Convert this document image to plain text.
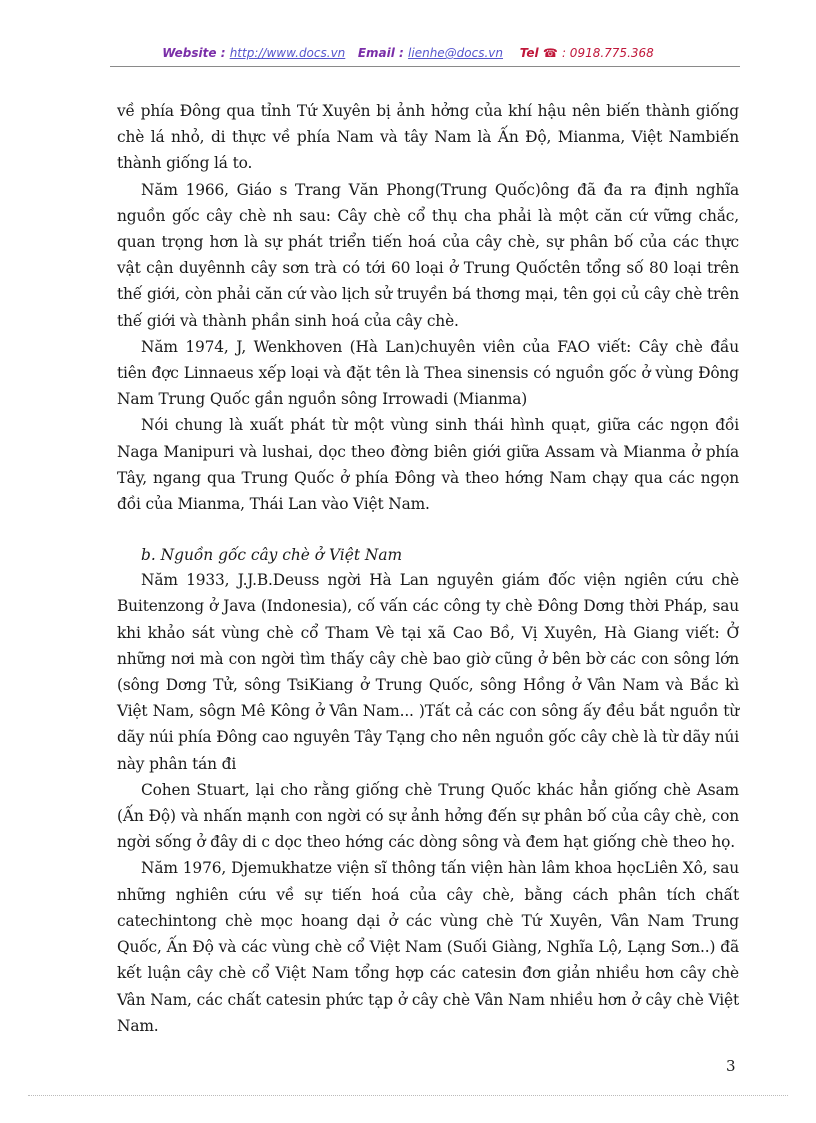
Website : http://www.docs.vn Email : lienhe@docs.vn Tel ☎ : 0918.775.368

về phía Đông qua tỉnh Tứ Xuyên bị ảnh hởng của khí hậu nên biến thành giống chè lá nhỏ, di thực về phía Nam và tây Nam là Ấn Độ, Mianma, Việt Nambiến thành giống lá to.

Năm 1966, Giáo s Trang Văn Phong(Trung Quốc)ông đã đa ra định nghĩa nguồn gốc cây chè nh sau: Cây chè cổ thụ cha phải là một căn cứ vững chắc, quan trọng hơn là sự phát triển tiến hoá của cây chè, sự phân bố của các thực vật cận duyênnh cây sơn trà có tới 60 loại ở Trung Quốctên tổng số 80 loại trên thế giới, còn phải căn cứ vào lịch sử truyền bá thơng mại, tên gọi củ cây chè trên thế giới và thành phần sinh hoá của cây chè.

Năm 1974, J, Wenkhoven (Hà Lan)chuyên viên của FAO viết: Cây chè đầu tiên đợc Linnaeus xếp loại và đặt tên là Thea sinensis có nguồn gốc ở vùng Đông Nam Trung Quốc gần nguồn sông Irrowadi (Mianma)

Nói chung là xuất phát từ một vùng sinh thái hình quạt, giữa các ngọn đồi Naga Manipuri và lushai, dọc theo đờng biên giới giữa Assam và Mianma ở phía Tây, ngang qua Trung Quốc ở phía Đông và theo hớng Nam chạy qua các ngọn đồi của Mianma, Thái Lan vào Việt Nam.

b. Nguồn gốc cây chè ở Việt Nam

Năm 1933, J.J.B.Deuss ngời Hà Lan nguyên giám đốc viện ngiên cứu chè Buitenzong ở Java (Indonesia), cố vấn các công ty chè Đông Dơng thời Pháp, sau khi khảo sát vùng chè cổ Tham Vè tại xã Cao Bồ, Vị Xuyên, Hà Giang viết: Ở những nơi mà con ngời tìm thấy cây chè bao giờ cũng ở bên bờ các con sông lớn (sông Dơng Tử, sông TsiKiang ở Trung Quốc, sông Hồng ở Vân Nam và Bắc kì Việt Nam, sôgn Mê Kông ở Vân Nam... )Tất cả các con sông ấy đều bắt nguồn từ dãy núi phía Đông cao nguyên Tây Tạng cho nên nguồn gốc cây chè là từ dãy núi này phân tán đi

Cohen Stuart, lại cho rằng giống chè Trung Quốc khác hẳn giống chè Asam (Ấn Độ) và nhấn mạnh con ngời có sự ảnh hởng đến sự phân bố của cây chè, con ngời sống ở đây di c dọc theo hớng các dòng sông và đem hạt giống chè theo họ.

Năm 1976, Djemukhatze viện sĩ thông tấn viện hàn lâm khoa họcLiên Xô, sau những nghiên cứu về sự tiến hoá của cây chè, bằng cách phân tích chất catechintong chè mọc hoang dại ở các vùng chè Tứ Xuyên, Vân Nam Trung Quốc, Ấn Độ và các vùng chè cổ Việt Nam (Suối Giàng, Nghĩa Lộ, Lạng Sơn..) đã kết luận cây chè cổ Việt Nam tổng hợp các catesin đơn giản nhiều hơn cây chè Vân Nam, các chất catesin phức tạp ở cây chè Vân Nam nhiều hơn ở cây chè Việt Nam.

3
